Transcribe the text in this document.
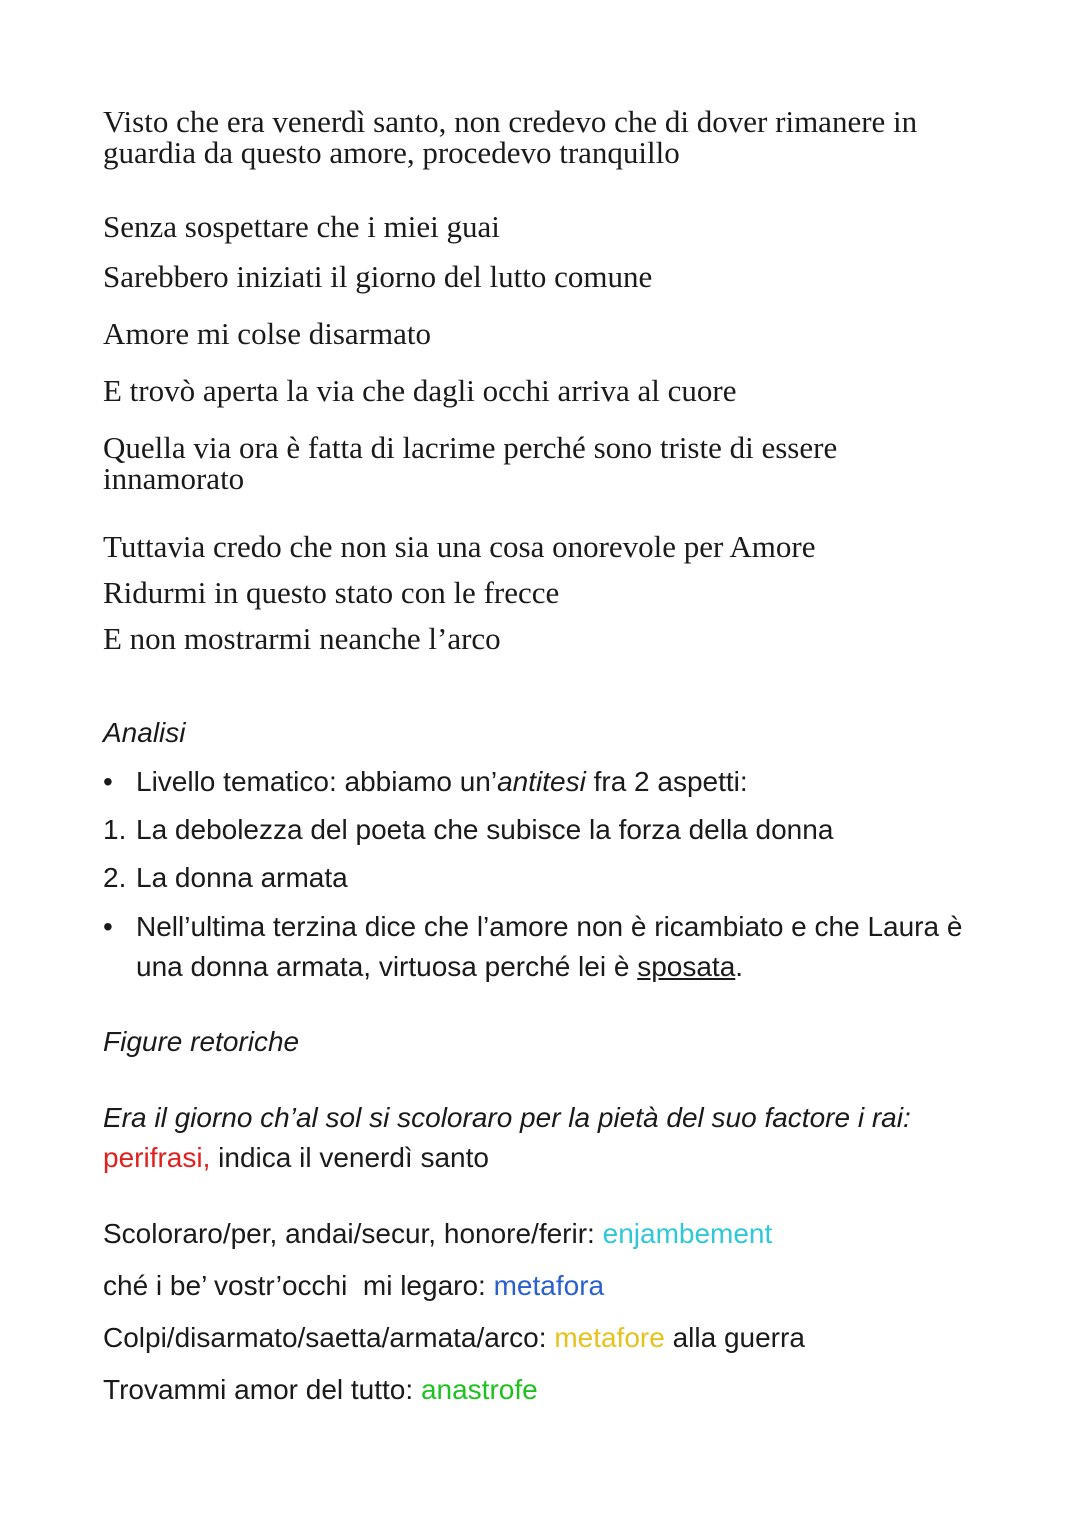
Visto che era venerdì santo, non credevo che di dover rimanere in guardia da questo amore, procedevo tranquillo
Senza sospettare che i miei guai
Sarebbero iniziati il giorno del lutto comune
Amore mi colse disarmato
E trovò aperta la via che dagli occhi arriva al cuore
Quella via ora è fatta di lacrime perché sono triste di essere innamorato
Tuttavia credo che non sia una cosa onorevole per Amore
Ridurmi in questo stato con le frecce
E non mostrarmi neanche l’arco
Analisi
• Livello tematico: abbiamo un’antitesi fra 2 aspetti:
1. La debolezza del poeta che subisce la forza della donna
2. La donna armata
• Nell’ultima terzina dice che l’amore non è ricambiato e che Laura è una donna armata, virtuosa perché lei è sposata.
Figure retoriche
Era il giorno ch’al sol si scoloraro per la pietà del suo factore i rai:
perifrasi, indica il venerdì santo
Scoloraro/per, andai/secur, honore/ferir: enjambement
ché i be’ vostr’occhi  mi legaro: metafora
Colpi/disarmato/saetta/armata/arco: metafore alla guerra
Trovammi amor del tutto: anastrofe
